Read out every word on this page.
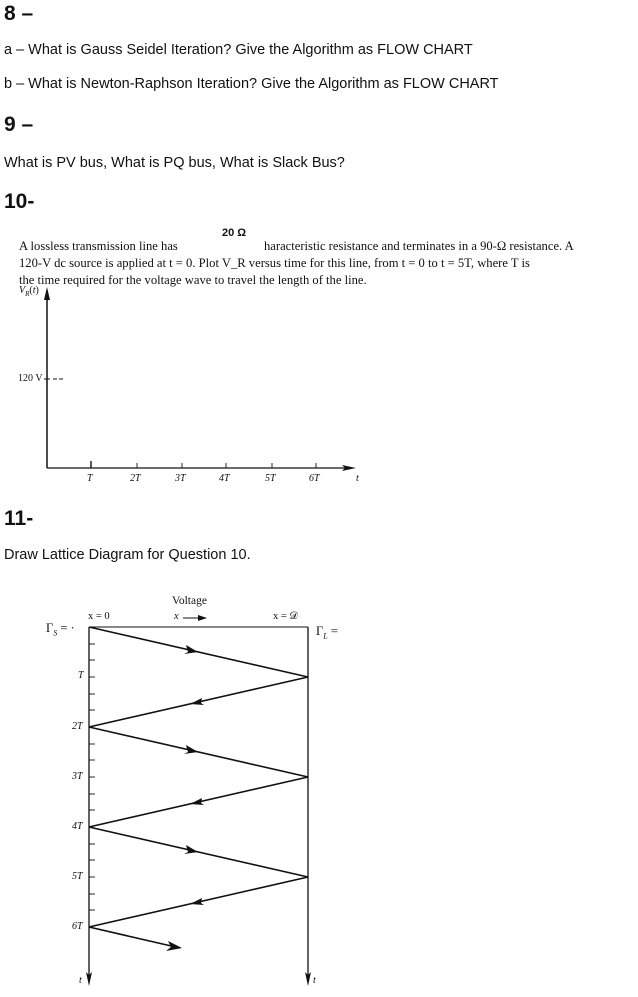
8 –
a – What is Gauss Seidel Iteration? Give the Algorithm as FLOW CHART
b – What is Newton-Raphson Iteration? Give the Algorithm as FLOW CHART
9 –
What is PV bus, What is PQ bus, What is Slack Bus?
10-
20 Ω
A lossless transmission line has	haracteristic resistance and terminates in a 90-Ω resistance. A
120-V dc source is applied at t = 0. Plot V_R versus time for this line, from t = 0 to t = 5T, where T is
the time required for the voltage wave to travel the length of the line.
$V_R(t)$
120 V
T	2T	3T	4T	5T	6T	t
11-
Draw Lattice Diagram for Question 10.
Voltage
x
x = 0	x = 𝒟
$\Gamma_S$ = ·	$\Gamma_L$ =
T
2T
3T
4T
5T
6T
t	t
